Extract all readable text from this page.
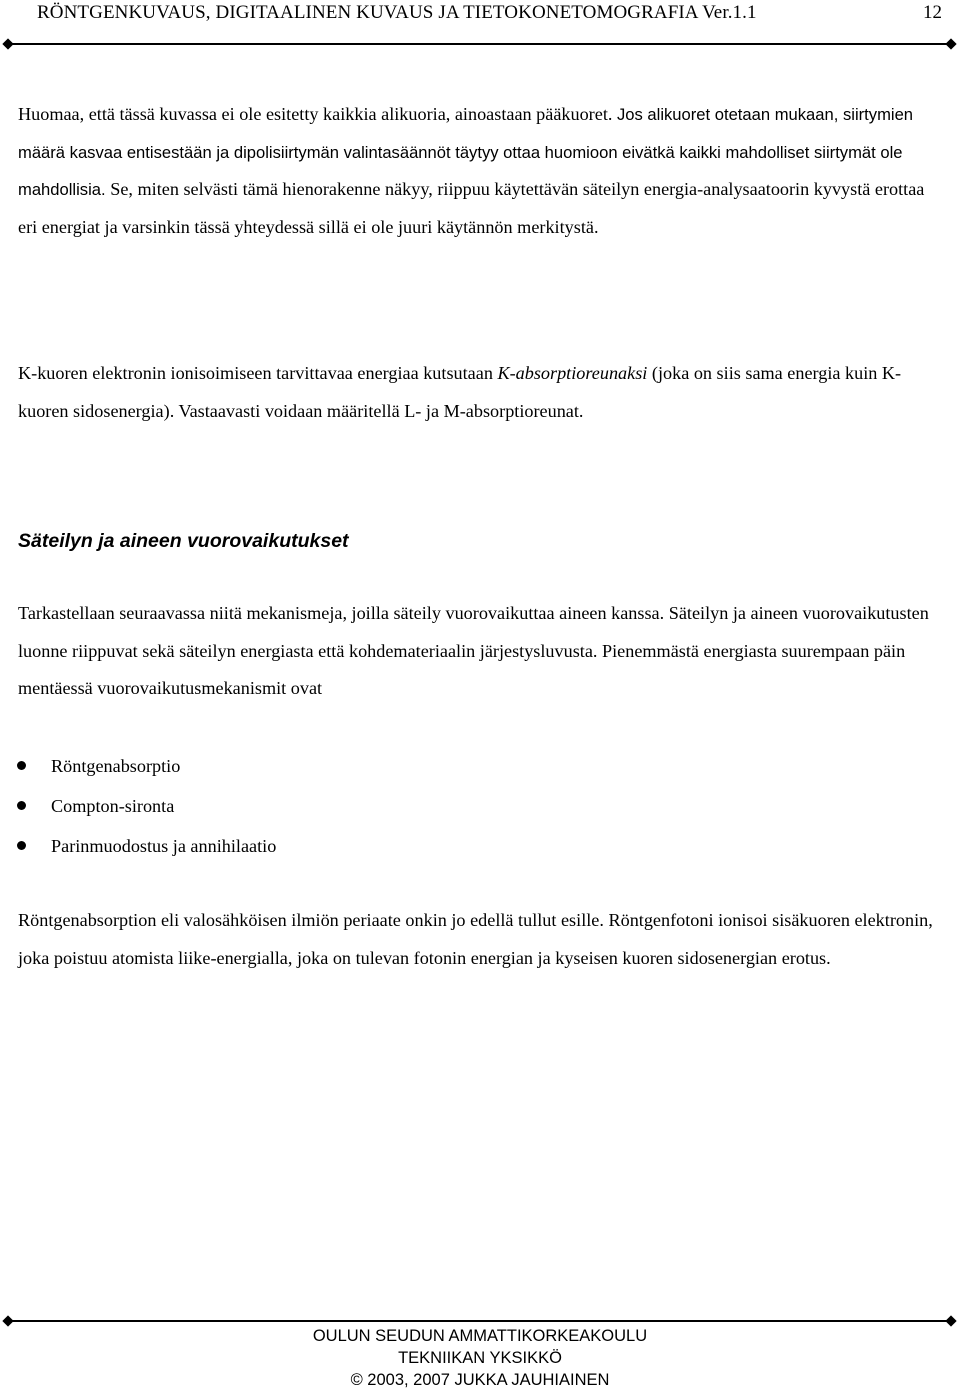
RÖNTGENKUVAUS, DIGITAALINEN KUVAUS JA TIETOKONETOMOGRAFIA Ver.1.1	12
Huomaa, että tässä kuvassa ei ole esitetty kaikkia alikuoria, ainoastaan pääkuoret. Jos alikuoret otetaan mukaan, siirtymien määrä kasvaa entisestään ja dipolisiirtymän valintasäännöt täytyy ottaa huomioon eivätkä kaikki mahdolliset siirtymät ole mahdollisia. Se, miten selvästi tämä hienorakenne näkyy, riippuu käytettävän säteilyn energia-analysaatoorin kyvystä erottaa eri energiat ja varsinkin tässä yhteydessä sillä ei ole juuri käytännön merkitystä.
K-kuoren elektronin ionisoimiseen tarvittavaa energiaa kutsutaan K-absorptioreunaksi (joka on siis sama energia kuin K-kuoren sidosenergia). Vastaavasti voidaan määritellä L- ja M-absorptioreunat.
Säteilyn ja aineen vuorovaikutukset
Tarkastellaan seuraavassa niitä mekanismeja, joilla säteily vuorovaikuttaa aineen kanssa. Säteilyn ja aineen vuorovaikutusten luonne riippuvat sekä säteilyn energiasta että kohdemateriaalin järjestysluvusta. Pienemmästä energiasta suurempaan päin mentäessä vuorovaikutusmekanismit ovat
Röntgenabsorptio
Compton-sironta
Parinmuodostus ja annihilaatio
Röntgenabsorption eli valosähköisen ilmiön periaate onkin jo edellä tullut esille. Röntgenfotoni ionisoi sisäkuoren elektronin, joka poistuu atomista liike-energialla, joka on tulevan fotonin energian ja kyseisen kuoren sidosenergian erotus.
OULUN SEUDUN AMMATTIKORKEAKOULU
TEKNIIKAN YKSIKKÖ
© 2003, 2007 JUKKA JAUHIAINEN
